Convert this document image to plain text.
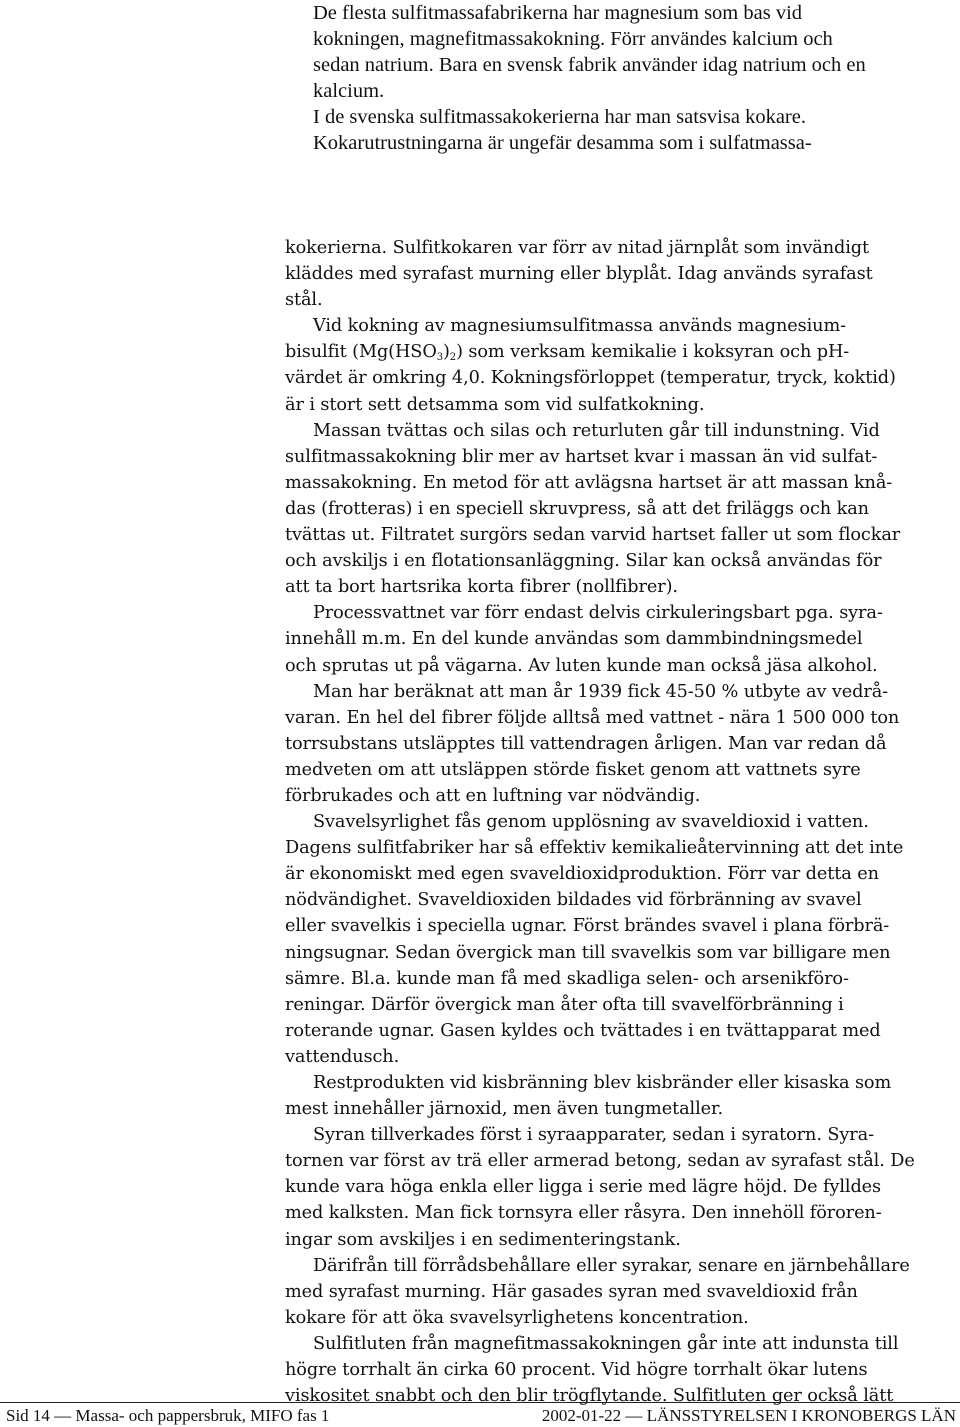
De flesta sulfitmassafabrikerna har magnesium som bas vid

kokningen, magnefitmassakokning. Förr användes kalcium och

sedan natrium. Bara en svensk fabrik använder idag natrium och en

kalcium.

I de svenska sulfitmassakokerierna har man satsvisa kokare.

Kokarutrustningarna är ungefär desamma som i sulfatmassa-

kokerierna. Sulfitkokaren var förr av nitad järnplåt som invändigt
kläddes med syrafast murning eller blyplåt. Idag används syrafast
stål.
Vid kokning av magnesiumsulfitmassa används magnesium-
bisulfit $(Mg(HSO_3)_2)$ som verksam kemikalie i koksyran och pH-
värdet är omkring 4,0. Kokningsförloppet (temperatur, tryck, koktid)
är i stort sett detsamma som vid sulfatkokning.
Massan tvättas och silas och returluten går till indunstning. Vid
sulfitmassakokning blir mer av hartset kvar i massan än vid sulfat-
massakokning. En metod för att avlägsna hartset är att massan knå-
das (frotteras) i en speciell skruvpress, så att det friläggs och kan
tvättas ut. Filtratet surgörs sedan varvid hartset faller ut som flockar
och avskiljs i en flotationsanläggning. Silar kan också användas för
att ta bort hartsrika korta fibrer (nollfibrer).
Processvattnet var förr endast delvis cirkuleringsbart pga. syra-
innehåll m.m. En del kunde användas som dammbindningsmedel
och sprutas ut på vägarna. Av luten kunde man också jäsa alkohol.
Man har beräknat att man år 1939 fick 45-50 % utbyte av vedrå-
varan. En hel del fibrer följde alltså med vattnet - nära 1 500 000 ton
torrsubstans utsläpptes till vattendragen årligen. Man var redan då
medveten om att utsläppen störde fisket genom att vattnets syre
förbrukades och att en luftning var nödvändig.
Svavelsyrlighet fås genom upplösning av svaveldioxid i vatten.
Dagens sulfitfabriker har så effektiv kemikalieåtervinning att det inte
är ekonomiskt med egen svaveldioxidproduktion. Förr var detta en
nödvändighet. Svaveldioxiden bildades vid förbränning av svavel
eller svavelkis i speciella ugnar. Först brändes svavel i plana förbrä-
ningsugnar. Sedan övergick man till svavelkis som var billigare men
sämre. Bl.a. kunde man få med skadliga selen- och arsenikföro-
reningar. Därför övergick man åter ofta till svavelförbränning i
roterande ugnar. Gasen kyldes och tvättades i en tvättapparat med
vattendusch.
Restprodukten vid kisbränning blev kisbränder eller kisaska som
mest innehåller järnoxid, men även tungmetaller.
Syran tillverkades först i syraapparater, sedan i syratorn. Syra-
tornen var först av trä eller armerad betong, sedan av syrafast stål. De
kunde vara höga enkla eller ligga i serie med lägre höjd. De fylldes
med kalksten. Man fick tornsyra eller råsyra. Den innehöll föroren-
ingar som avskiljes i en sedimenteringstank.
Därifrån till förrådsbehållare eller syrakar, senare en järnbehållare
med syrafast murning. Här gasades syran med svaveldioxid från
kokare för att öka svavelsyrlighetens koncentration.
Sulfitluten från magnefitmassakokningen går inte att indunsta till
högre torrhalt än cirka 60 procent. Vid högre torrhalt ökar lutens
viskositet snabbt och den blir trögflytande. Sulfitluten ger också lätt
Sid 14 — Massa- och pappersbruk, MIFO fas 1	2002-01-22 — LÄNSSTYRELSEN I KRONOBERGS LÄN
